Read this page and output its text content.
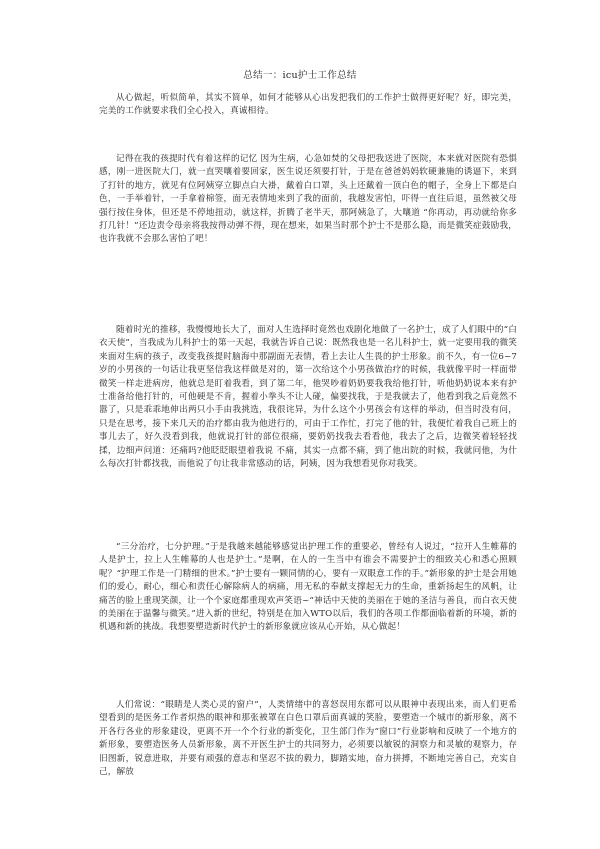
总结一：icu护士工作总结

从心做起，听似简单，其实不简单，如何才能够从心出发把我们的工作护士做得更好呢？好，即完美，完美的工作就要求我们全心投入，真诚相待。

记得在我的孩提时代有着这样的记忆 因为生病，心急如焚的父母把我送进了医院，本来就对医院有恐惧感，刚一进医院大门，就一直哭嚷着要回家，医生说还须要打针，于是在爸爸妈妈软硬兼施的诱逼下，来到了打针的地方，就见有位阿姨穿立脚点白大褂，戴着白口罩，头上还戴着一顶白色的帽子，全身上下都是白色，一手举着针，一手拿着棉签，面无表情地来到了我的面前，我越发害怕，吓得一直往后退，虽然被父母强行按住身体，但还是不停地扭动，就这样，折腾了老半天，那阿姨急了，大嚷道 “你再动，再动就给你多打几针！”还边责令母亲将我按得动弹不得，现在想来，如果当时那个护士不是那么隐，而是微笑症鼓励我，也许我就不会那么害怕了吧！

随着时光的推移，我慢慢地长大了，面对人生选择时竟然也戏剧化地做了一名护士，成了人们眼中的“白衣天使”，当我成为儿科护士的第一天起，我就告诉自己说：既然我也是一名儿科护士，就一定要用我的微笑来面对生病的孩子，改变我孩提时脑海中那副面无表情，看上去让人生畏的护士形象。前不久，有一位6~7岁的小男孩的一句话让我更坚信我这样做是对的，第一次给这个小男孩做治疗的时候，我就像平时一样面带微笑一样走进病房，他就总是盯着我看，到了第二年，他哭吵着奶奶要我我给他打针，听他奶奶说本来有护士准备给他打针的，可他硬是不肯，握着小拳头不让人碰，偏要找我，于是我就去了，他看到我之后竟然不嚣了，只是乖乖地伸出两只小手由我挑选，我很诧异，为什么这个小男孩会有这样的举动，但当时没有问，只是在思考，接下来几天的治疗都由我为他进行的，可由于工作忙，打完了他的针，我便忙着我自己班上的事儿去了，好久没看到我，他就说打针的部位很痛，要奶奶找我去看看他，我去了之后，边微笑着轻轻找揉，边细声问道：还痛吗?他眨眨眼望着我说 不痛，其实一点都不痛，到了他出院的时候，我就问他，为什么每次打针都找我，而他说了句让我非常感动的话，阿姨，因为我想看见你对我笑。

“三分治疗，七分护理。”于是我越来越能够感觉出护理工作的重要必，曾经有人说过，“拉开人生帷幕的人是护士，拉上人生帷幕的人也是护士。”是啊，在人的一生当中有谁会不需要护士的细致关心和悉心照顾呢？“护理工作是一门精细的世术。”护士要有一颗同情的心，要有一双眼意工作的手。”新形象的护士是会用她们的爱心，耐心，细心和责任心解除病人的病痛，用无私的奉献支撑起无力的生命，重新扬起生的风帆，让痛苦的脸上重现笑颜，让一个个家庭都重现欢声笑语~“神话中天使的美丽在于她的圣洁与善良，而白衣天使的美丽在于温馨与微笑。”进入新的世纪，特别是在加入WTO以后，我们的各项工作都面临着新的环境，新的机遇和新的挑战。我想要塑造新时代护士的新形象就应该从心开始，从心做起！

人们常说：“眼睛是人类心灵的窗户”，人类情绪中的喜怒误用东都可以从眼神中表现出来，而人们更希望看到的是医务工作者炽热的眼神和那张被罩在白色口罩后面真诚的笑脸，要塑造一个城市的新形象，离不开各行各业的形象建设，更离不开一个个行业的新变化，卫生部门作为“窗口”行业影响和反映了一个地方的新形象，要塑造医务人员新形象，离不开医生护士的共同努力，必须要以敏锐的洞察力和灵敏的观察力，存旧图新，锐意进取，并要有顽强的意志和坚忍不拔的毅力，脚踏实地，奋力拼搏，不断地完善自己，充实自己，解放
